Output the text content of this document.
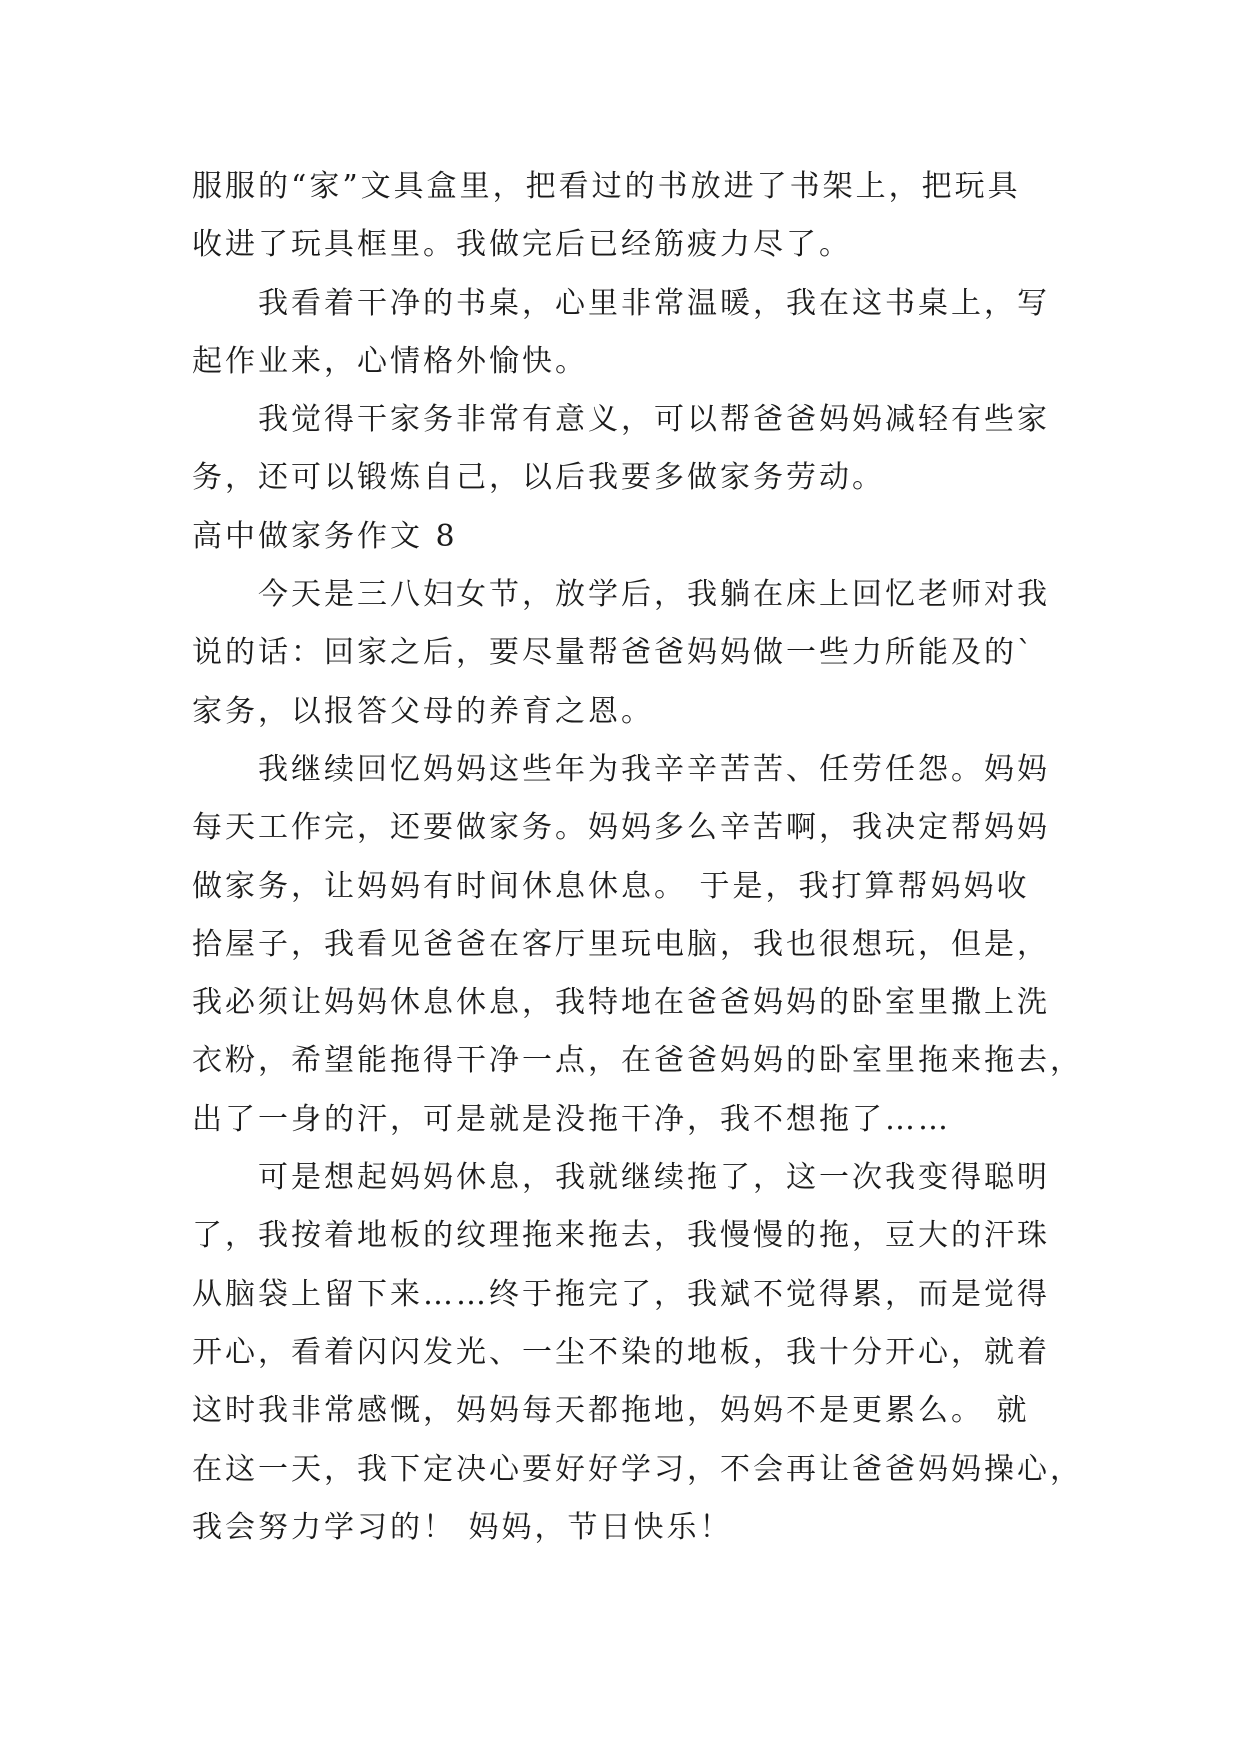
服服的“家”文具盒里，把看过的书放进了书架上，把玩具
收进了玩具框里。我做完后已经筋疲力尽了。
我看着干净的书桌，心里非常温暖，我在这书桌上，写
起作业来，心情格外愉快。
我觉得干家务非常有意义，可以帮爸爸妈妈减轻有些家
务，还可以锻炼自己，以后我要多做家务劳动。
高中做家务作文 8
今天是三八妇女节，放学后，我躺在床上回忆老师对我
说的话：回家之后，要尽量帮爸爸妈妈做一些力所能及的`
家务，以报答父母的养育之恩。
我继续回忆妈妈这些年为我辛辛苦苦、任劳任怨。妈妈
每天工作完，还要做家务。妈妈多么辛苦啊，我决定帮妈妈
做家务，让妈妈有时间休息休息。 于是，我打算帮妈妈收
拾屋子，我看见爸爸在客厅里玩电脑，我也很想玩，但是，
我必须让妈妈休息休息，我特地在爸爸妈妈的卧室里撒上洗
衣粉，希望能拖得干净一点，在爸爸妈妈的卧室里拖来拖去，
出了一身的汗，可是就是没拖干净，我不想拖了……
可是想起妈妈休息，我就继续拖了，这一次我变得聪明
了，我按着地板的纹理拖来拖去，我慢慢的拖，豆大的汗珠
从脑袋上留下来……终于拖完了，我斌不觉得累，而是觉得
开心，看着闪闪发光、一尘不染的地板，我十分开心，就着
这时我非常感慨，妈妈每天都拖地，妈妈不是更累么。 就
在这一天，我下定决心要好好学习，不会再让爸爸妈妈操心，
我会努力学习的！ 妈妈，节日快乐！
